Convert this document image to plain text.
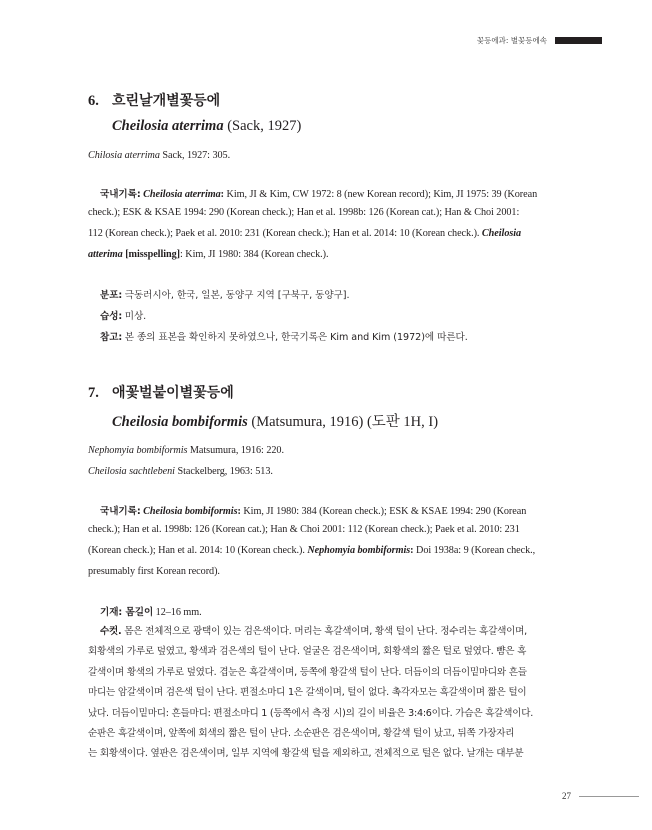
꽃등에과: 별꽃등에속
6. 흐린날개별꽃등에
Cheilosia aterrima (Sack, 1927)
Chilosia aterrima Sack, 1927: 305.
국내기록: Cheilosia aterrima: Kim, JI & Kim, CW 1972: 8 (new Korean record); Kim, JI 1975: 39 (Korean
check.); ESK & KSAE 1994: 290 (Korean check.); Han et al. 1998b: 126 (Korean cat.); Han & Choi 2001:
112 (Korean check.); Paek et al. 2010: 231 (Korean check.); Han et al. 2014: 10 (Korean check.). Cheilosia
atterima [misspelling]: Kim, JI 1980: 384 (Korean check.).
분포: 극동러시아, 한국, 일본, 동양구 지역 [구북구, 동양구].
습성: 미상.
참고: 본 종의 표본을 확인하지 못하였으나, 한국기록은 Kim and Kim (1972)에 따른다.
7. 애꽃벌붙이별꽃등에
Cheilosia bombiformis (Matsumura, 1916) (도판 1H, I)
Nephomyia bombiformis Matsumura, 1916: 220.
Cheilosia sachtlebeni Stackelberg, 1963: 513.
국내기록: Cheilosia bombiformis: Kim, JI 1980: 384 (Korean check.); ESK & KSAE 1994: 290 (Korean
check.); Han et al. 1998b: 126 (Korean cat.); Han & Choi 2001: 112 (Korean check.); Paek et al. 2010: 231
(Korean check.); Han et al. 2014: 10 (Korean check.). Nephomyia bombiformis: Doi 1938a: 9 (Korean check.,
presumably first Korean record).
기재: 몸길이 12–16 mm.
수컷. 몸은 전체적으로 광택이 있는 검은색이다. 머리는 흑갈색이며, 황색 털이 난다. 정수리는 흑갈색이며,
회황색의 가루로 덮였고, 황색과 검은색의 털이 난다. 얼굴은 검은색이며, 회황색의 짧은 털로 덮였다. 뺨은 흑
갈색이며 황색의 가루로 덮였다. 겹눈은 흑갈색이며, 등쪽에 황갈색 털이 난다. 더듬이의 더듬이밑마디와 흔들
마디는 암갈색이며 검은색 털이 난다. 편절소마디 1은 갈색이며, 털이 없다. 촉각자모는 흑갈색이며 짧은 털이
났다. 더듬이밑마디: 흔들마디: 편절소마디 1 (등쪽에서 측정 시)의 길이 비율은 3:4:6이다. 가슴은 흑갈색이다.
순판은 흑갈색이며, 앞쪽에 회색의 짧은 털이 난다. 소순판은 검은색이며, 황갈색 털이 났고, 뒤쪽 가장자리
는 회황색이다. 옆판은 검은색이며, 일부 지역에 황갈색 털을 제외하고, 전체적으로 털은 없다. 날개는 대부분
27
